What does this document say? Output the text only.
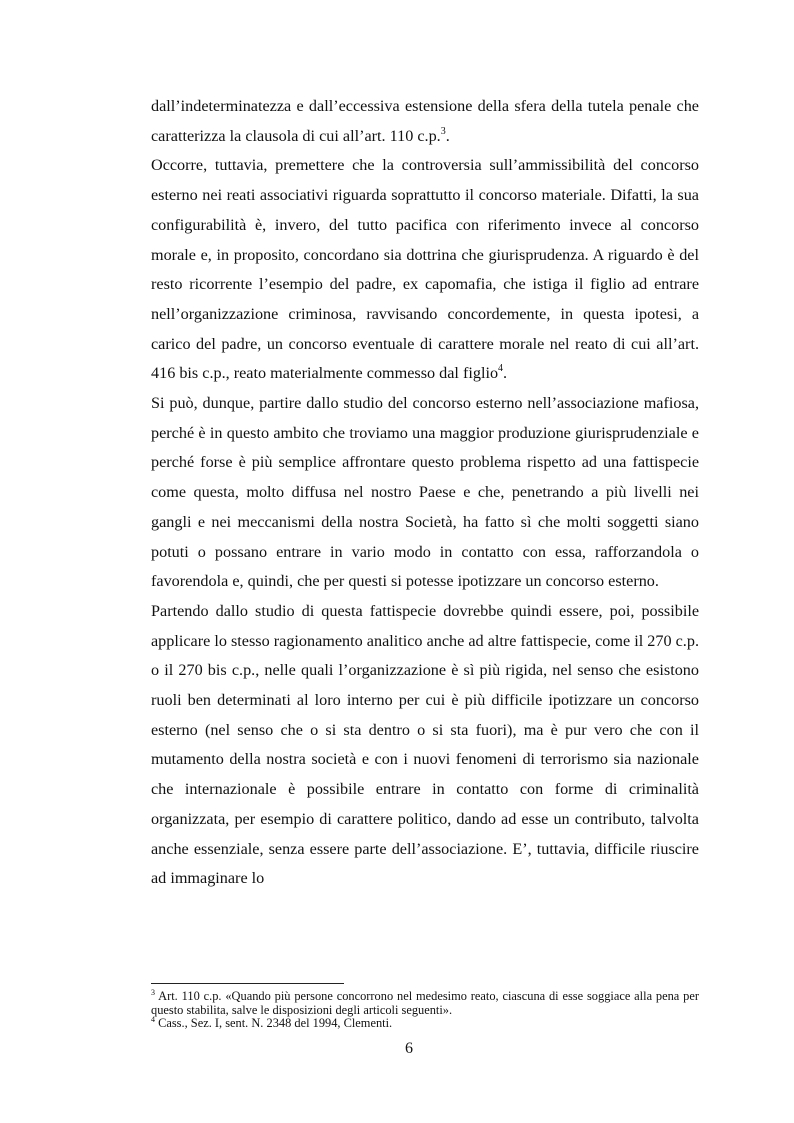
dall’indeterminatezza e dall’eccessiva estensione della sfera della tutela penale che caratterizza la clausola di cui all’art. 110 c.p.$^3$.

Occorre, tuttavia, premettere che la controversia sull’ammissibilità del concorso esterno nei reati associativi riguarda soprattutto il concorso materiale. Difatti, la sua configurabilità è, invero, del tutto pacifica con riferimento invece al concorso morale e, in proposito, concordano sia dottrina che giurisprudenza. A riguardo è del resto ricorrente l’esempio del padre, ex capomafia, che istiga il figlio ad entrare nell’organizzazione criminosa, ravvisando concordemente, in questa ipotesi, a carico del padre, un concorso eventuale di carattere morale nel reato di cui all’art. 416 bis c.p., reato materialmente commesso dal figlio$^4$.

Si può, dunque, partire dallo studio del concorso esterno nell’associazione mafiosa, perché è in questo ambito che troviamo una maggior produzione giurisprudenziale e perché forse è più semplice affrontare questo problema rispetto ad una fattispecie come questa, molto diffusa nel nostro Paese e che, penetrando a più livelli nei gangli e nei meccanismi della nostra Società, ha fatto sì che molti soggetti siano potuti o possano entrare in vario modo in contatto con essa, rafforzandola o favorendola e, quindi, che per questi si potesse ipotizzare un concorso esterno.

Partendo dallo studio di questa fattispecie dovrebbe quindi essere, poi, possibile applicare lo stesso ragionamento analitico anche ad altre fattispecie, come il 270 c.p. o il 270 bis c.p., nelle quali l’organizzazione è sì più rigida, nel senso che esistono ruoli ben determinati al loro interno per cui è più difficile ipotizzare un concorso esterno (nel senso che o si sta dentro o si sta fuori), ma è pur vero che con il mutamento della nostra società e con i nuovi fenomeni di terrorismo sia nazionale che internazionale è possibile entrare in contatto con forme di criminalità organizzata, per esempio di carattere politico, dando ad esse un contributo, talvolta anche essenziale, senza essere parte dell’associazione. E’, tuttavia, difficile riuscire ad immaginare lo

$^3$ Art. 110 c.p. «Quando più persone concorrono nel medesimo reato, ciascuna di esse soggiace alla pena per questo stabilita, salve le disposizioni degli articoli seguenti».

$^4$ Cass., Sez. I, sent. N. 2348 del 1994, Clementi.

6
